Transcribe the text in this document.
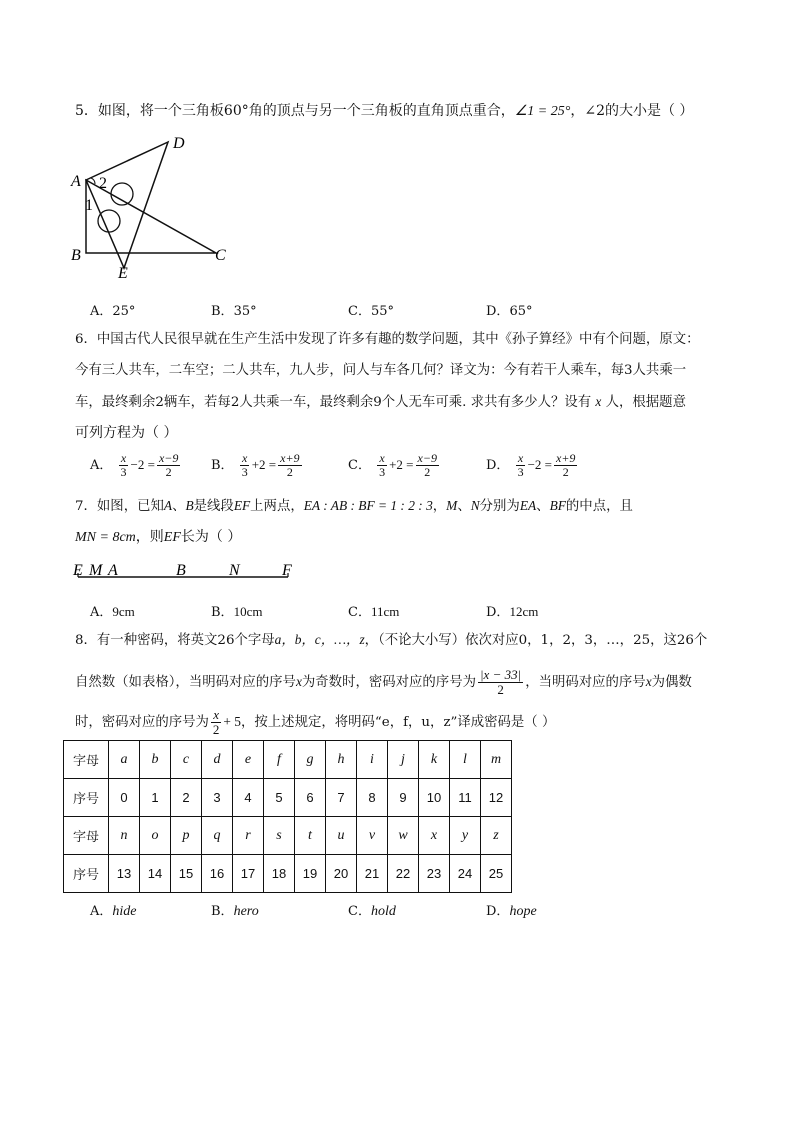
5．如图，将一个三角板60°角的顶点与另一个三角板的直角顶点重合，∠1 = 25°，∠2的大小是（ ）
A
D
B	C
E
2
1
A．25°	B．35°	C．55°	D．65°
6．中国古代人民很早就在生产生活中发现了许多有趣的数学问题，其中《孙子算经》中有个问题，原文：
今有三人共车，二车空；二人共车，九人步，问人与车各几何？译文为：今有若干人乘车，每3人共乘一
车，最终剩余2辆车，若每2人共乘一车，最终剩余9个人无车可乘. 求共有多少人？设有 x 人，根据题意
可列方程为（ ）
A． $\frac{x}{3} -2 = \frac{x-9}{2}$ B． $\frac{x}{3} +2 = \frac{x+9}{2}$	C． $\frac{x}{3} +2 = \frac{x-9}{2}$	D． $\frac{x}{3} -2 = \frac{x+9}{2}$
7．如图，已知A、B是线段EF上两点，EA : AB : BF = 1 : 2 : 3，M、N分别为EA、BF的中点，且
MN = 8cm，则EF长为（ ）
E M A	B	N	F
A．9cm	B．10cm	C．11cm	D．12cm
8．有一种密码，将英文26个字母a，b，c，…，z，（不论大小写）依次对应0，1，2，3，…，25，这26个
自然数（如表格），当明码对应的序号x为奇数时，密码对应的序号为 $\frac{|x - 33|}{2}$ ，当明码对应的序号x为偶数
时，密码对应的序号为 $\frac{x}{2} + 5$，按上述规定，将明码“e，f，u，z”译成密码是（ ）
字母	a	b	c	d	e	f	g	h	i	j	k	l	m
序号	0	1	2	3	4	5	6	7	8	9	10	11	12
字母	n	o	p	q	r	s	t	u	v	w	x	y	z
序号	13	14	15	16	17	18	19	20	21	22	23	24	25
A．hide	B．hero	C．hold	D．hope
